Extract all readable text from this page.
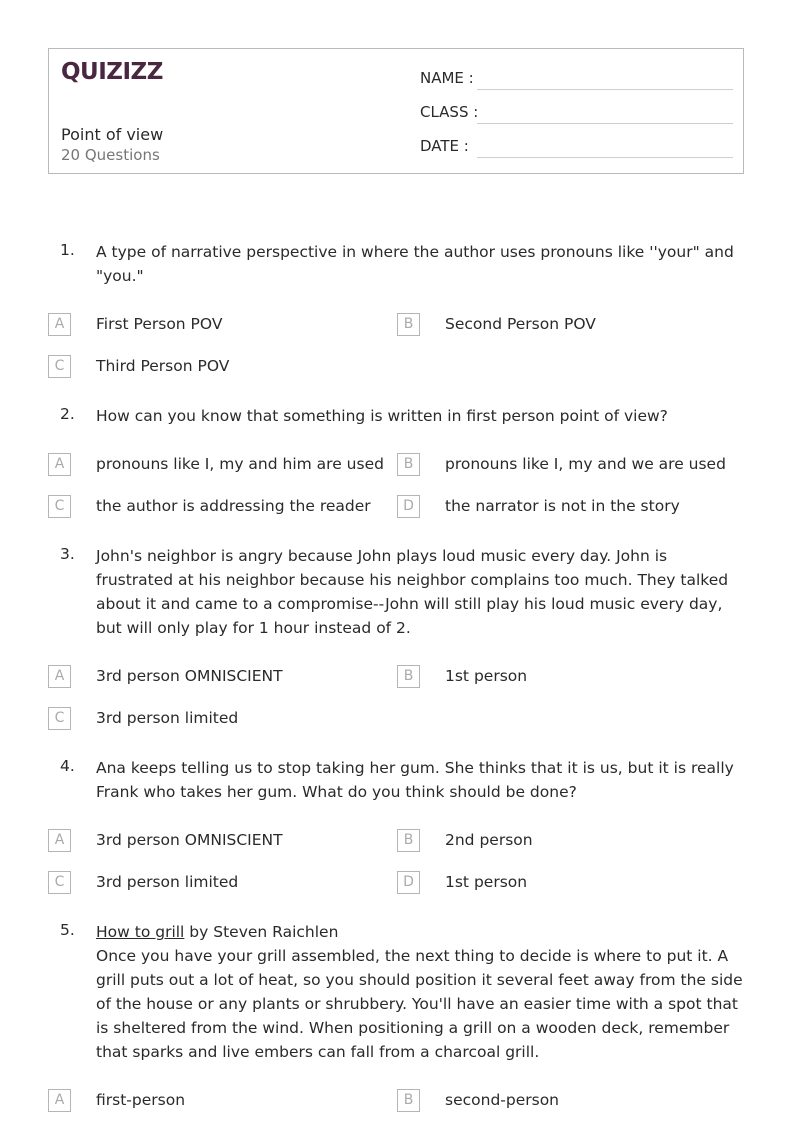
QUIZIZZ
Point of view
20 Questions
NAME :
CLASS :
DATE :
1. A type of narrative perspective in where the author uses pronouns like ''your" and "you."
A	First Person POV	B	Second Person POV
C	Third Person POV
2. How can you know that something is written in first person point of view?
A	pronouns like I, my and him are used	B	pronouns like I, my and we are used
C	the author is addressing the reader	D	the narrator is not in the story
3. John's neighbor is angry because John plays loud music every day. John is frustrated at his neighbor because his neighbor complains too much. They talked about it and came to a compromise--John will still play his loud music every day, but will only play for 1 hour instead of 2.
A	3rd person OMNISCIENT	B	1st person
C	3rd person limited
4. Ana keeps telling us to stop taking her gum. She thinks that it is us, but it is really Frank who takes her gum. What do you think should be done?
A	3rd person OMNISCIENT	B	2nd person
C	3rd person limited	D	1st person
5. How to grill by Steven Raichlen
Once you have your grill assembled, the next thing to decide is where to put it. A grill puts out a lot of heat, so you should position it several feet away from the side of the house or any plants or shrubbery. You'll have an easier time with a spot that is sheltered from the wind. When positioning a grill on a wooden deck, remember that sparks and live embers can fall from a charcoal grill.
A	first-person	B	second-person
